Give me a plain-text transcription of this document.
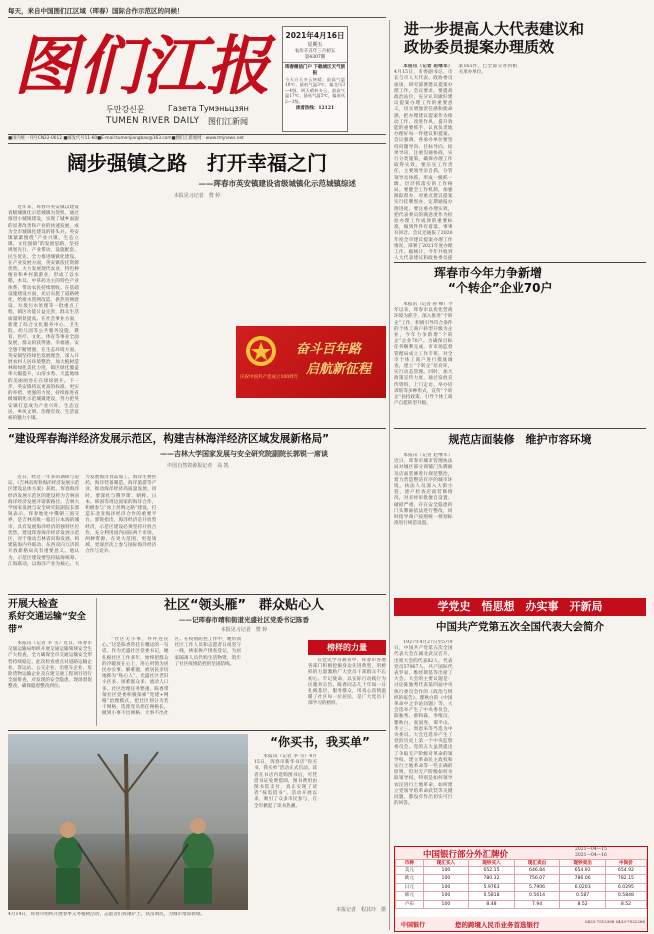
每天，来自中国图们江区域（珲春）国际合作示范区的问候！
图们江报
두만강신문	Газета Тумэньцзян
TUMEN RIVER DAILY 图们江新闻
2021年4月16日
星期五
农历辛丑年三月初五
第4307期
珲春微信门户 下载城区天气预报
今天白天多云转晴，最高气温18℃，最低气温3℃，偏北风3—4级。明天晴转多云，最高气温17℃，最低气温5℃，偏南风2—3级。
读者热线：12121
■国内统一刊号CN22-0012 ■邮发代号11-60■E-mail:tumenjiangbao@163.com■图们江新闻网：www.tmjnews.net
进一步提高人大代表建议和
政协委员提案办理质效

本报讯（记者 赵继军）4月15日，市委副书记、市长与市人大代表、政协委员座谈，研究部署建议提案办理工作。会议要求，要提高政治站位，充分认识做好建议提案办理工作的重要意义，切实增强责任感和使命感，把办理建议提案作为推动工作、改进作风、提升效能的重要抓手，认真负责地办理好每一件建议和提案。会议强调，各承办单位要坚持问题导向、目标导向、结果导向，注重沟通协商，实行分类施策，确保办理工作取得实效。要压实工作责任，主要领导亲自抓，分管领导具体抓，形成一级抓一级、层层抓落实的工作格局。要健全工作机制，加强跟踪督办，对重点建议提案实行挂牌督办，定期通报办理进度。要注重办理实效，把代表委员的满意度作为检验办理工作成效的重要标准，做到件件有着落、事事有回音。会议还通报了2020年度全市建议提案办理工作情况，部署了2021年度办理工作。据统计，今年共收到人大代表建议和政协委员提案165件，已全部交办到相关承办单位。

阔步强镇之路　打开幸福之门
——珲春市英安镇建设省级城镇化示范城镇综述
本报见习记者　赞 婷

近年来，珲春市英安镇以建设省级城镇化示范城镇为契机，通过推进小城镇建设，实现了城乡面貌的显著改善和产业的快速发展，成为全市城镇化建设的排头兵。英安镇紧紧围绕“产业兴镇、生态立镇、文化强镇”的发展思路，坚持规划先行、产业带动、设施配套、民生优先，全力推进城镇化建设。在产业发展方面，英安镇依托资源优势，大力发展现代农业、特色种植业和乡村旅游业，形成了以水稻、木耳、中草药为主的特色产业体系，带动农民持续增收。在基础设施建设方面，先后实施了道路硬化、给排水管网改造、供热管网建设、垃圾污水处理等一批重点工程，镇区功能日益完善，群众生活质量明显提高。在社会事业方面，新建了综合文化服务中心、卫生院、幼儿园等公共服务设施，教育、医疗、文化、体育等事业全面发展，群众的获得感、幸福感、安全感不断增强。在生态环境方面，英安镇坚持绿色发展理念，深入开展农村人居环境整治，加大植树造林和绿化美化力度，镇区绿化覆盖率大幅提升，山清水秀、天蓝地绿的美丽画卷正在徐徐展开。下一步，英安镇将以更高的标准、更实的举措、更强的力度，持续推进省级城镇化示范城镇建设，努力把英安镇打造成为产业兴旺、生态宜居、乡风文明、治理有效、生活富裕的魅力小镇。

庆祝中国共产党成立100周年
奋斗百年路
启航新征程
“建设珲春海洋经济发展示范区，构建吉林海洋经济区域发展新格局”
——吉林大学国家发展与安全研究院副院长郭锐一席谈
中国自然资源报记者　高 凯

近日，经过一年多的调研与论证，《吉林省珲春海洋经济发展示范区建设总体方案》获批。珲春海洋经济发展示范区的建设将为吉林省海洋经济发展开辟新路径。吉林大学国家发展与安全研究院副院长郭锐表示，珲春地处中俄朝三国交界，是吉林省唯一临近日本海的城市，具有发展海洋经济的独特区位优势。建设珲春海洋经济发展示范区，对于推动吉林省向海发展、构建陆海内外联动、东西双向互济的开放新格局具有重要意义。他认为，示范区建设要坚持陆海统筹、江海联动，以海洋产业为核心，大力发展海洋食品加工、海洋生物医药、海洋装备制造、海洋旅游等产业，推动海洋经济高质量发展。同时，要深化与俄罗斯、朝鲜、日本、韩国等周边国家的海洋合作，积极参与“冰上丝绸之路”建设，打造东北亚海洋经济合作的重要平台。郭锐指出，海洋经济是开放型经济，示范区建设必须坚持开放合作，充分利用国内国际两个市场、两种资源，在更大范围、更宽领域、更深层次上参与国际海洋经济合作与竞争。

开展大检查
系好交通运输“安全带”

本报讯（记者 李 雪）近日，珲春市交通运输局组织开展交通运输领域安全生产大检查，全力确保全市交通运输安全形势持续稳定。此次检查重点对道路运输企业、客运站、公交企业、出租车企业、危险货物运输企业及在建交通工程项目进行全面排查，对发现的安全隐患，现场督促整改，确保隐患整改到位。

社区“领头雁”　群众贴心人
——记珲春市靖和街道光盛社区党委书记陈香
本报见习记者　赞 婷

“社区无小事，件件连民心。”这是陈香常挂在嘴边的一句话。作为光盛社区党委书记，她扎根社区工作多年，始终把群众的冷暖放在心上，用心用情为居民办实事、解难题，被居民亲切地称为“贴心人”。光盛社区老旧小区多、困难群众多、流动人口多，社区治理任务繁重。陈香带领社区党委积极探索“党建+网格”治理模式，把社区划分为若干网格，选派党员担任网格长，做到小事不出网格、大事不出社区。在疫情防控工作中，她带领社区工作人员和志愿者日夜坚守一线，挨家挨户排查登记，为居家隔离人员代购生活物资，筑牢了社区疫情防控的坚固防线。

榜样的力量

在党史学习教育中，珲春市各地各部门积极挖掘身边先进典型，用榜样的力量激励广大党员干部群众不忘初心、牢记使命，以实际行动践行为民服务宗旨。陈香同志几十年如一日扎根基层、服务群众，用真心真情温暖了社区每一位居民，是广大党员干部学习的榜样。

4月14日，珲春市组织开展春季义务植树活动，志愿者们挥锹铲土、扶苗填坑，为城市增添新绿。
“你买书，我买单”

本报讯（记者 李 雪）4月15日，珲春市新华书店“你买书，我买单”活动正式启动。读者在书店内选购图书后，可凭借书证免费借阅，图书费用由图书馆支付，真正实现了读者“按需借书”。活动开展以来，吸引了众多市民参与，在全市掀起了读书热潮。

本报记者　程其玲　摄
珲春市今年力争新增
“个转企”企业70户

本报讯（记者 孙 峰）今年以来，珲春市以优化营商环境为抓手，深入推进“个转企”工作，积极引导符合条件的个体工商户转型升级为企业，今年力争新增“个转企”企业70户。为确保目标任务顺利完成，市市场监督管理局成立工作专班，对全市个体工商户进行摸底调查，建立“个转企”培育库，实行动态管理。同时，加大政策宣传力度，通过发放宣传资料、上门走访、举办培训班等多种形式，宣传“个转企”扶持政策，引导个体工商户自愿转型升级。

规范店面装修　维护市容环境

本报讯（记者 赵继军）近日，珲春市城市管理执法局对城区部分商铺门头牌匾及店面装修进行规范整治，着力营造整洁有序的城市环境。执法人员深入大街小巷，逐户检查店面装修情况，对未经审批擅自设置、破损严重、存在安全隐患的门头牌匾依法进行整改，同时指导商户按照统一规划标准进行规范设置。

学党史　悟思想　办实事　开新局
中国共产党第五次全国代表大会简介

1927年4月27日至5月9日，中国共产党第五次全国代表大会在湖北武汉召开。出席大会的代表82人，代表党员57967人。共产国际代表罗易、维经斯基等出席了大会。大会的主要议题是：讨论陈独秀代表第四届中央执行委员会作的《政治与组织的报告》、瞿秋白的《中国革命中之争论问题》等。大会选举产生了中央委员会，陈独秀、蔡和森、李维汉、瞿秋白、张国焘、谭平山、李立三、周恩来等当选为中央委员。大会还选举产生了党的历史上第一个中央监察委员会。党的五大虽然提出了争取无产阶级对革命的领导权、建立革命民主政权和实行土地革命等一些正确的原则，但对无产阶级如何争取领导权，特别是如何领导农民进行土地革命，如何建立党领导的革命武装等关键问题，都没有作出切实可行的回答。

中国银行部分外汇牌价
2021—04—15
2021—04—16
币种	现汇买入	现钞买入	现汇卖出	现钞卖出	中间价
美元	100	652.15	646.84	654.92	654.92
欧元	100	780.32	756.07	786.06	782.15
日元	100	5.9763	5.7906	6.0203	6.0295
韩元	100	0.5818	0.5614	0.587	0.5848
卢布	100	8.48	7.94	8.52	8.52
中国银行	您的跨境人民币业务首选银行	0433-7513388 0433-7532288
